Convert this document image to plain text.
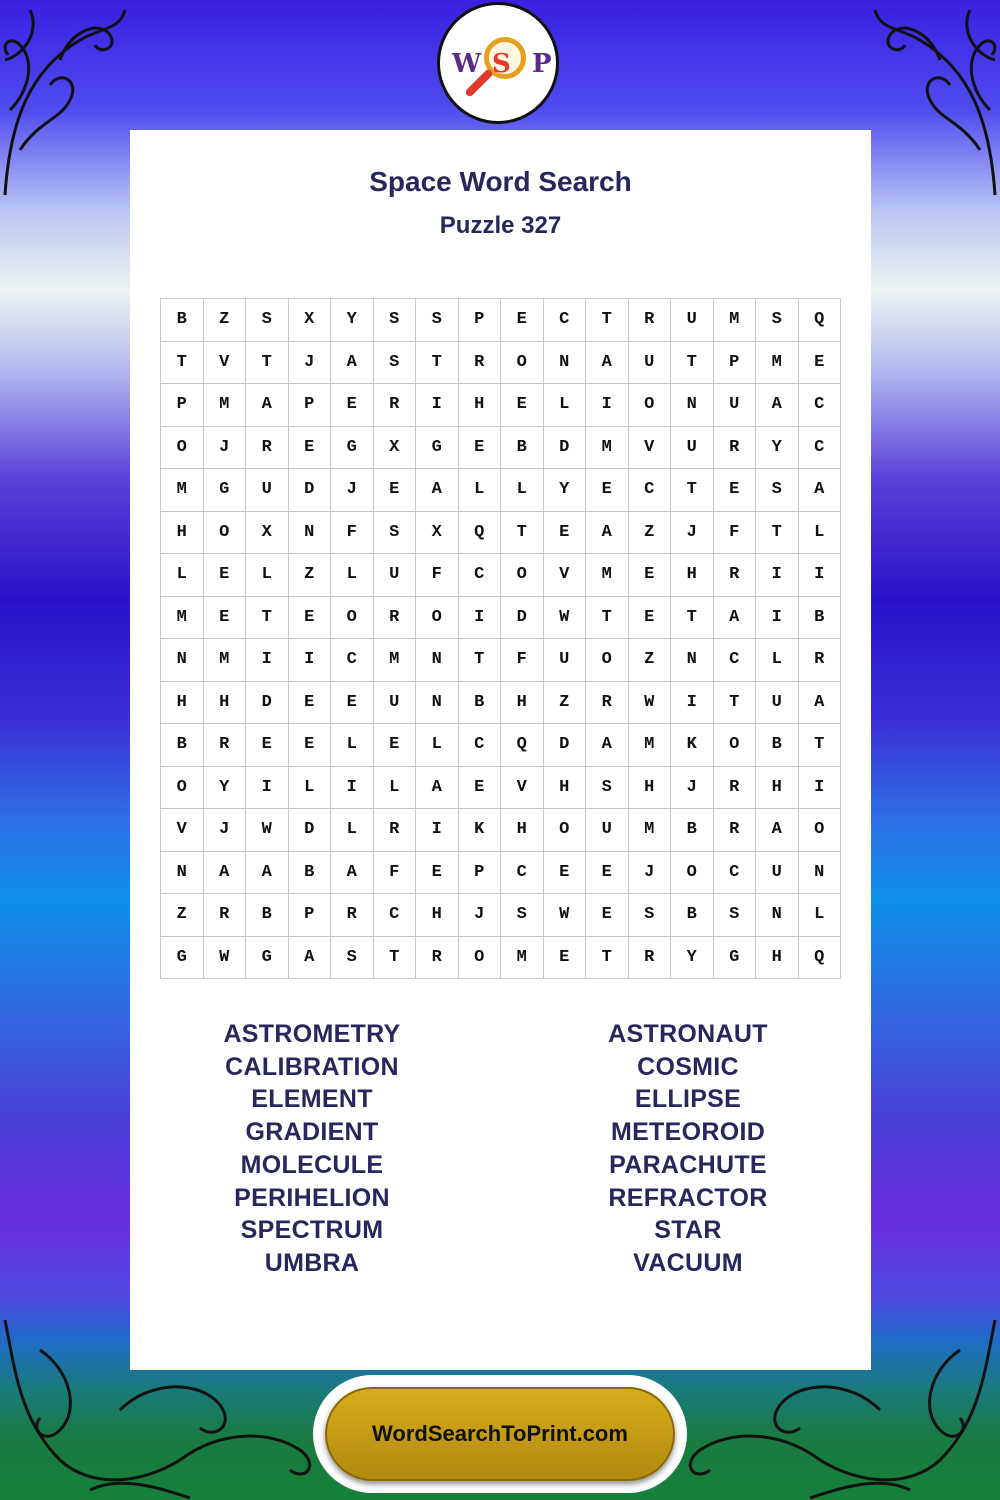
W S P
Space Word Search
Puzzle 327
B	Z	S	X	Y	S	S	P	E	C	T	R	U	M	S	Q
T	V	T	J	A	S	T	R	O	N	A	U	T	P	M	E
P	M	A	P	E	R	I	H	E	L	I	O	N	U	A	C
O	J	R	E	G	X	G	E	B	D	M	V	U	R	Y	C
M	G	U	D	J	E	A	L	L	Y	E	C	T	E	S	A
H	O	X	N	F	S	X	Q	T	E	A	Z	J	F	T	L
L	E	L	Z	L	U	F	C	O	V	M	E	H	R	I	I
M	E	T	E	O	R	O	I	D	W	T	E	T	A	I	B
N	M	I	I	C	M	N	T	F	U	O	Z	N	C	L	R
H	H	D	E	E	U	N	B	H	Z	R	W	I	T	U	A
B	R	E	E	L	E	L	C	Q	D	A	M	K	O	B	T
O	Y	I	L	I	L	A	E	V	H	S	H	J	R	H	I
V	J	W	D	L	R	I	K	H	O	U	M	B	R	A	O
N	A	A	B	A	F	E	P	C	E	E	J	O	C	U	N
Z	R	B	P	R	C	H	J	S	W	E	S	B	S	N	L
G	W	G	A	S	T	R	O	M	E	T	R	Y	G	H	Q
ASTROMETRY
CALIBRATION
ELEMENT
GRADIENT
MOLECULE
PERIHELION
SPECTRUM
UMBRA
ASTRONAUT
COSMIC
ELLIPSE
METEOROID
PARACHUTE
REFRACTOR
STAR
VACUUM
WordSearchToPrint.com
